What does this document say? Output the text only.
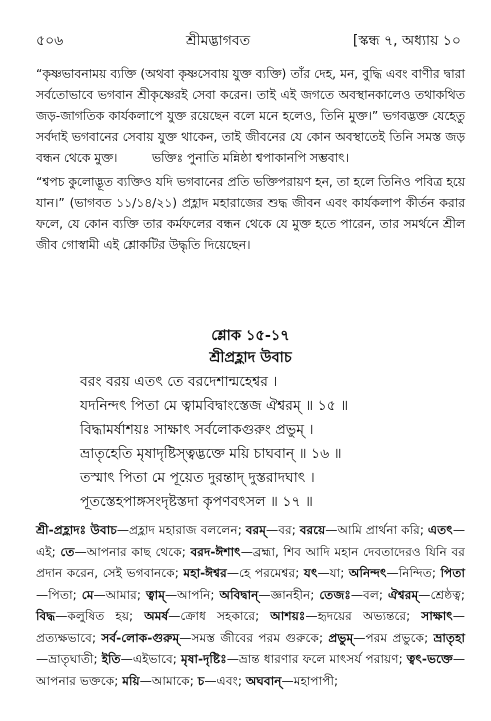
৫০৬	শ্রীমদ্ভাগবত	[স্কন্ধ ৭, অধ্যায় ১০

“কৃষ্ণভাবনাময় ব্যক্তি (অথবা কৃষ্ণসেবায় যুক্ত ব্যক্তি) তাঁর দেহ, মন, বুদ্ধি এবং বাণীর দ্বারা সর্বতোভাবে ভগবান শ্রীকৃষ্ণেরই সেবা করেন। তাই এই জগতে অবস্থানকালেও তথাকথিত জড়-জাগতিক কার্যকলাপে যুক্ত রয়েছেন বলে মনে হলেও, তিনি মুক্ত।” ভগবদ্ভক্ত যেহেতু সর্বদাই ভগবানের সেবায় যুক্ত থাকেন, তাই জীবনের যে কোন অবস্থাতেই তিনি সমস্ত জড় বন্ধন থেকে মুক্ত।	ভক্তিঃ পুনাতি মন্নিষ্ঠা শ্বপাকানপি সম্ভবাৎ।

“শ্বপচ কুলোদ্ভূত ব্যক্তিও যদি ভগবানের প্রতি ভক্তিপরায়ণ হন, তা হলে তিনিও পবিত্র হয়ে যান।” (ভাগবত ১১/১৪/২১) প্রহ্লাদ মহারাজের শুদ্ধ জীবন এবং কার্যকলাপ কীর্তন করার ফলে, যে কোন ব্যক্তি তার কর্মফলের বন্ধন থেকে যে মুক্ত হতে পারেন, তার সমর্থনে শ্রীল জীব গোস্বামী এই শ্লোকটির উদ্ধৃতি দিয়েছেন।

শ্লোক ১৫-১৭

শ্রীপ্রহ্লাদ উবাচ

বরং বরয় এতৎ তে বরদেশান্মহেশ্বর ।

যদনিন্দৎ পিতা মে ত্বামবিদ্বাংস্তেজ ঐশ্বরম্ ॥ ১৫ ॥

বিদ্ধামর্ষাশয়ঃ সাক্ষাৎ সর্বলোকগুরুং প্রভুম্ ।

ভ্রাতৃহেতি মৃষাদৃষ্টিস্ত্বদ্ভক্তে ময়ি চাঘবান্ ॥ ১৬ ॥

তস্মাৎ পিতা মে পূয়েত দুরন্তাদ্ দুস্তরাদঘাৎ ।

পূতস্তেহপাঙ্গসংদৃষ্টস্তদা কৃপণবৎসল ॥ ১৭ ॥

শ্রী-প্রহ্লাদঃ উবাচ—প্রহ্লাদ মহারাজ বললেন; বরম্—বর; বরয়ে—আমি প্রার্থনা করি; এতৎ—এই; তে—আপনার কাছ থেকে; বরদ-ঈশাৎ—ব্রহ্মা, শিব আদি মহান দেবতাদেরও যিনি বর প্রদান করেন, সেই ভগবানকে; মহা-ঈশ্বর—হে পরমেশ্বর; যৎ—যা; অনিন্দৎ—নিন্দিত; পিতা—পিতা; মে—আমার; ত্বাম্—আপনি; অবিদ্বান্—জ্ঞানহীন; তেজঃ—বল; ঐশ্বরম্—শ্রেষ্ঠত্ব; বিদ্ধ—কলুষিত হয়; অমর্ষ—ক্রোধ সহকারে; আশয়ঃ—হৃদয়ের অভ্যন্তরে; সাক্ষাৎ—প্রত্যক্ষভাবে; সর্ব-লোক-গুরুম্—সমস্ত জীবের পরম গুরুকে; প্রভুম্—পরম প্রভুকে; ভ্রাতৃহা—ভ্রাতৃঘাতী; ইতি—এইভাবে; মৃষা-দৃষ্টিঃ—ভ্রান্ত ধারণার ফলে মাৎসর্য পরায়ণ; ত্বৎ-ভক্তে—আপনার ভক্তকে; ময়ি—আমাকে; চ—এবং; অঘবান্—মহাপাপী;
